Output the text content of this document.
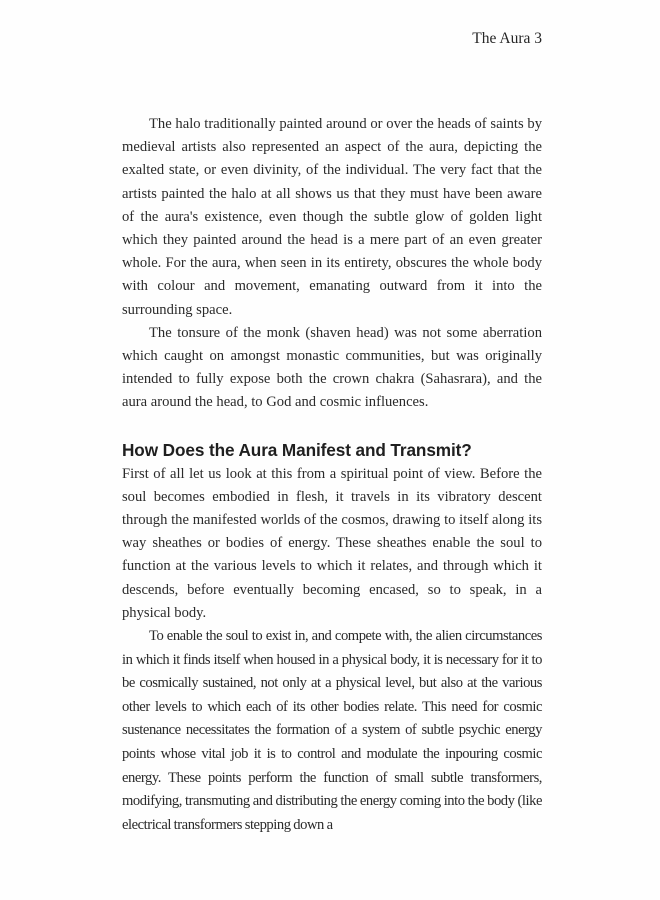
The Aura 3

The halo traditionally painted around or over the heads of saints by medieval artists also represented an aspect of the aura, depicting the exalted state, or even divinity, of the individual. The very fact that the artists painted the halo at all shows us that they must have been aware of the aura's existence, even though the subtle glow of golden light which they painted around the head is a mere part of an even greater whole. For the aura, when seen in its entirety, obscures the whole body with colour and movement, emanating outward from it into the surrounding space.

The tonsure of the monk (shaven head) was not some aberration which caught on amongst monastic communities, but was originally intended to fully expose both the crown chakra (Sahasrara), and the aura around the head, to God and cosmic influences.

How Does the Aura Manifest and Transmit?

First of all let us look at this from a spiritual point of view. Before the soul becomes embodied in flesh, it travels in its vibratory descent through the manifested worlds of the cosmos, drawing to itself along its way sheathes or bodies of energy. These sheathes enable the soul to function at the various levels to which it relates, and through which it descends, before eventually becoming encased, so to speak, in a physical body.

To enable the soul to exist in, and compete with, the alien circumstances in which it finds itself when housed in a physical body, it is necessary for it to be cosmically sustained, not only at a physical level, but also at the various other levels to which each of its other bodies relate. This need for cosmic sustenance necessitates the formation of a system of subtle psychic energy points whose vital job it is to control and modulate the inpouring cosmic energy. These points perform the function of small subtle transformers, modifying, transmuting and distributing the energy coming into the body (like electrical transformers stepping down a
